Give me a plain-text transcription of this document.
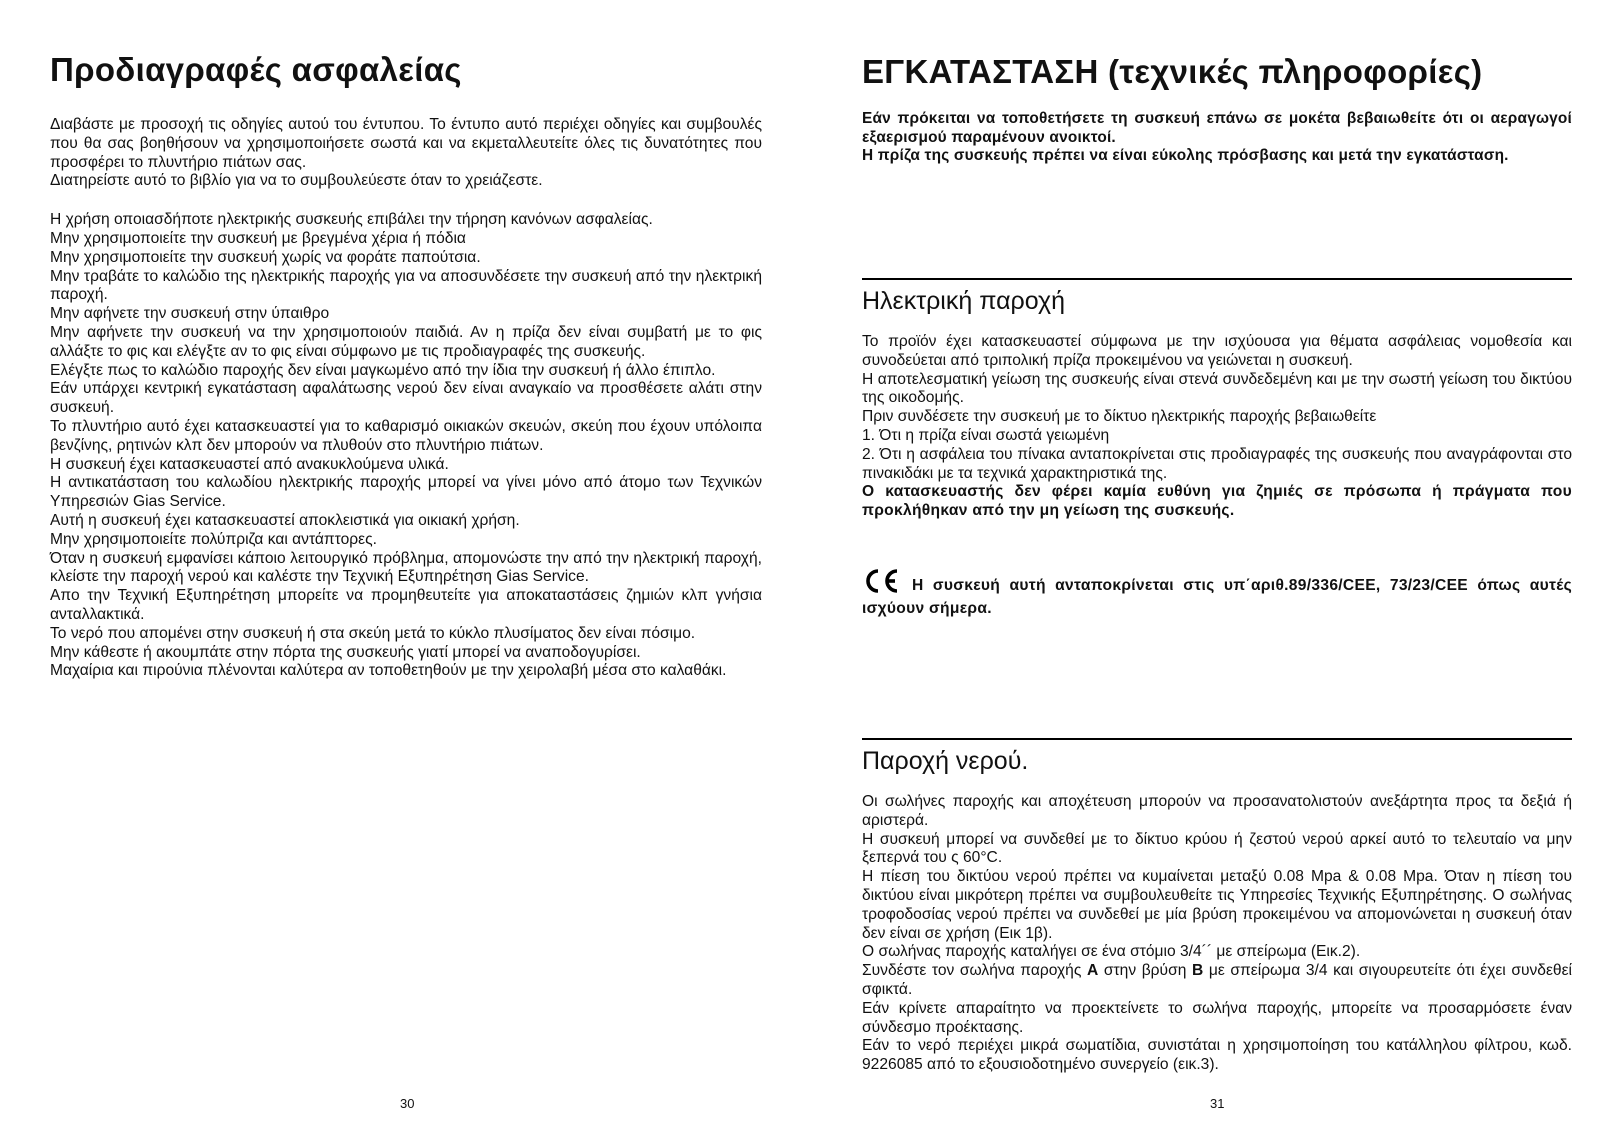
Προδιαγραφές ασφαλείας

Διαβάστε με προσοχή τις οδηγίες αυτού του έντυπου. Το έντυπο αυτό περιέχει οδηγίες και συμβουλές που θα σας βοηθήσουν να χρησιμοποιήσετε σωστά και να εκμεταλλευτείτε όλες τις δυνατότητες που προσφέρει το πλυντήριο πιάτων σας.

Διατηρείστε αυτό το βιβλίο για να το συμβουλεύεστε όταν το χρειάζεστε.

Η χρήση οποιασδήποτε ηλεκτρικής συσκευής επιβάλει την τήρηση κανόνων ασφαλείας.

Μην χρησιμοποιείτε την συσκευή με βρεγμένα χέρια ή πόδια

Μην χρησιμοποιείτε την συσκευή χωρίς να φοράτε παπούτσια.

Μην τραβάτε το καλώδιο της ηλεκτρικής παροχής για να αποσυνδέσετε την συσκευή από την ηλεκτρική παροχή.

Μην αφήνετε την συσκευή στην ύπαιθρο

Μην αφήνετε την συσκευή να την χρησιμοποιούν παιδιά. Αν η πρίζα δεν είναι συμβατή με το φις αλλάξτε το φις και ελέγξτε αν το φις είναι σύμφωνο με τις προδιαγραφές της συσκευής.

Ελέγξτε πως το καλώδιο παροχής δεν είναι μαγκωμένο από την ίδια την συσκευή ή άλλο έπιπλο.

Εάν υπάρχει κεντρική εγκατάσταση αφαλάτωσης νερού δεν είναι αναγκαίο να προσθέσετε αλάτι στην συσκευή.

Το πλυντήριο αυτό έχει κατασκευαστεί για το καθαρισμό οικιακών σκευών, σκεύη που έχουν υπόλοιπα βενζίνης, ρητινών κλπ δεν μπορούν να πλυθούν στο πλυντήριο πιάτων.

Η συσκευή έχει κατασκευαστεί από ανακυκλούμενα υλικά.

Η αντικατάσταση του καλωδίου ηλεκτρικής παροχής μπορεί να γίνει μόνο από άτομο των Τεχνικών Υπηρεσιών Gias Service.

Αυτή η συσκευή έχει κατασκευαστεί αποκλειστικά για οικιακή χρήση.

Μην χρησιμοποιείτε πολύπριζα και αντάπτορες.

Όταν η συσκευή εμφανίσει κάποιο λειτουργικό πρόβλημα, απομονώστε την από την ηλεκτρική παροχή, κλείστε την παροχή νερού και καλέστε την Τεχνική Εξυπηρέτηση Gias Service.

Απο την Τεχνική Εξυπηρέτηση μπορείτε να προμηθευτείτε για αποκαταστάσεις ζημιών κλπ γνήσια ανταλλακτικά.

Το νερό που απομένει στην συσκευή ή στα σκεύη μετά το κύκλο πλυσίματος δεν είναι πόσιμο.

Μην κάθεστε ή ακουμπάτε στην πόρτα της συσκευής γιατί μπορεί να αναποδογυρίσει.

Μαχαίρια και πιρούνια πλένονται καλύτερα αν τοποθετηθούν με την χειρολαβή μέσα στο καλαθάκι.

30
ΕΓΚΑΤΑΣΤΑΣΗ (τεχνικές πληροφορίες)

Εάν πρόκειται να τοποθετήσετε τη συσκευή επάνω σε μοκέτα βεβαιωθείτε ότι οι αεραγωγοί εξαερισμού παραμένουν ανοικτοί.

Η πρίζα της συσκευής πρέπει να είναι εύκολης πρόσβασης και μετά την εγκατάσταση.

Ηλεκτρική παροχή

Το προϊόν έχει κατασκευαστεί σύμφωνα με την ισχύουσα για θέματα ασφάλειας νομοθεσία και συνοδεύεται από τριπολική πρίζα προκειμένου να γειώνεται η συσκευή.

Η αποτελεσματική γείωση της συσκευής είναι στενά συνδεδεμένη και με την σωστή γείωση του δικτύου της οικοδομής.

Πριν συνδέσετε την συσκευή με το δίκτυο ηλεκτρικής παροχής βεβαιωθείτε

1. Ότι η πρίζα είναι σωστά γειωμένη

2. Ότι η ασφάλεια του πίνακα ανταποκρίνεται στις προδιαγραφές της συσκευής που αναγράφονται στο πινακιδάκι με τα τεχνικά χαρακτηριστικά της.

Ο κατασκευαστής δεν φέρει καμία ευθύνη για ζημιές σε πρόσωπα ή πράγματα που προκλήθηκαν από την μη γείωση της συσκευής.

Η συσκευή αυτή ανταποκρίνεται στις υπ΄αριθ.89/336/CEE, 73/23/CEE όπως αυτές ισχύουν σήμερα.

Παροχή νερού.

Οι σωλήνες παροχής και αποχέτευση μπορούν να προσανατολιστούν ανεξάρτητα προς τα δεξιά ή αριστερά.

Η συσκευή μπορεί να συνδεθεί με το δίκτυο κρύου ή ζεστού νερού αρκεί αυτό το τελευταίο να μην ξεπερνά του ς 60°C.

Η πίεση του δικτύου νερού πρέπει να κυμαίνεται μεταξύ 0.08 Mpa & 0.08 Mpa. Όταν η πίεση του δικτύου είναι μικρότερη πρέπει να συμβουλευθείτε τις Υπηρεσίες Τεχνικής Εξυπηρέτησης. Ο σωλήνας τροφοδοσίας νερού πρέπει να συνδεθεί με μία βρύση προκειμένου να απομονώνεται η συσκευή όταν δεν είναι σε χρήση (Εικ 1β).

Ο σωλήνας παροχής καταλήγει σε ένα στόμιο 3/4´´ με σπείρωμα (Εικ.2).

Συνδέστε τον σωλήνα παροχής Α στην βρύση Β με σπείρωμα 3/4 και σιγουρευτείτε ότι έχει συνδεθεί σφικτά.

Εάν κρίνετε απαραίτητο να προεκτείνετε το σωλήνα παροχής, μπορείτε να προσαρμόσετε έναν σύνδεσμο προέκτασης.

Εάν το νερό περιέχει μικρά σωματίδια, συνιστάται η χρησιμοποίηση του κατάλληλου φίλτρου, κωδ. 9226085 από το εξουσιοδοτημένο συνεργείο (εικ.3).

31
